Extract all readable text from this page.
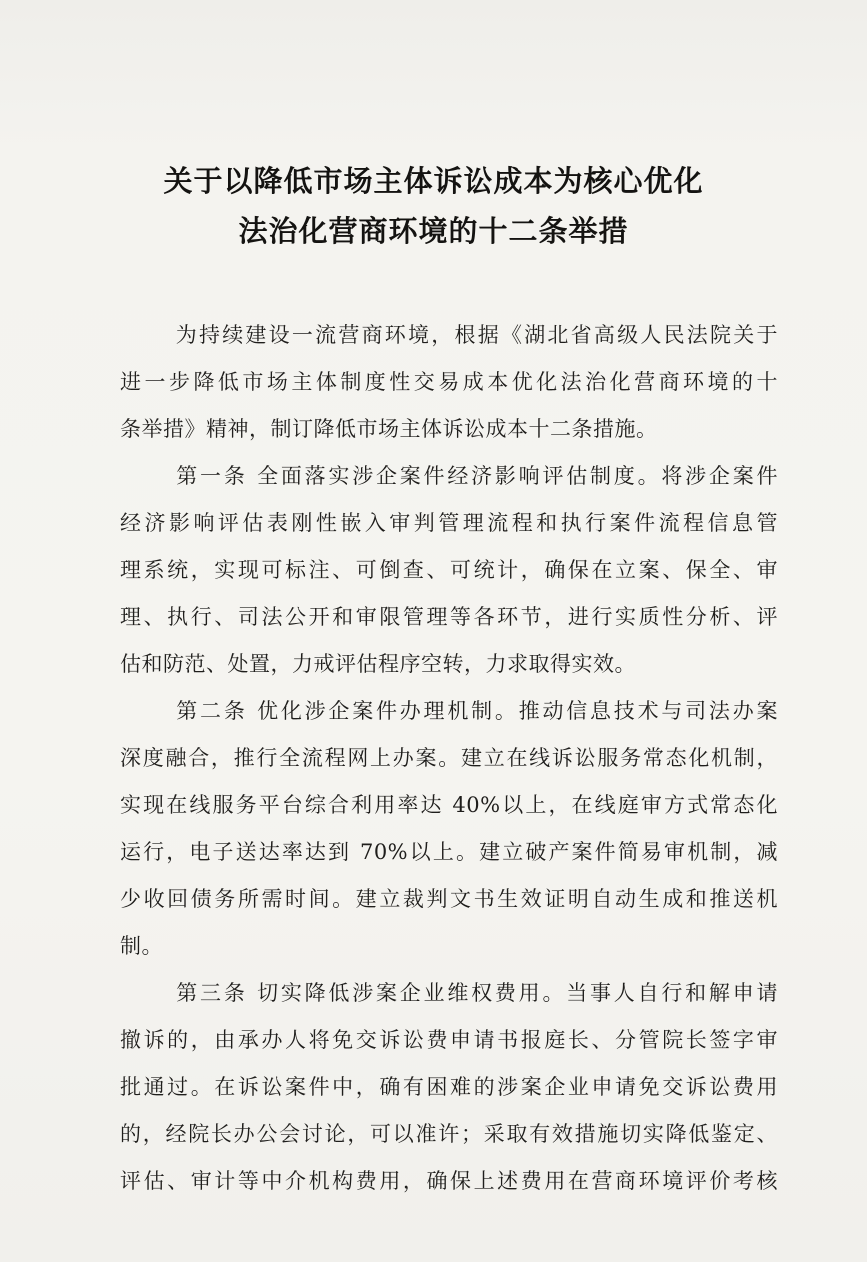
关于以降低市场主体诉讼成本为核心优化
法治化营商环境的十二条举措
为持续建设一流营商环境，根据《湖北省高级人民法院关于
进一步降低市场主体制度性交易成本优化法治化营商环境的十
条举措》精神，制订降低市场主体诉讼成本十二条措施。
第一条 全面落实涉企案件经济影响评估制度。将涉企案件
经济影响评估表刚性嵌入审判管理流程和执行案件流程信息管
理系统，实现可标注、可倒查、可统计，确保在立案、保全、审
理、执行、司法公开和审限管理等各环节，进行实质性分析、评
估和防范、处置，力戒评估程序空转，力求取得实效。
第二条 优化涉企案件办理机制。推动信息技术与司法办案
深度融合，推行全流程网上办案。建立在线诉讼服务常态化机制，
实现在线服务平台综合利用率达 40%以上，在线庭审方式常态化
运行，电子送达率达到 70%以上。建立破产案件简易审机制，减
少收回债务所需时间。建立裁判文书生效证明自动生成和推送机
制。
第三条 切实降低涉案企业维权费用。当事人自行和解申请
撤诉的，由承办人将免交诉讼费申请书报庭长、分管院长签字审
批通过。在诉讼案件中，确有困难的涉案企业申请免交诉讼费用
的，经院长办公会讨论，可以准许；采取有效措施切实降低鉴定、
评估、审计等中介机构费用，确保上述费用在营商环境评价考核
